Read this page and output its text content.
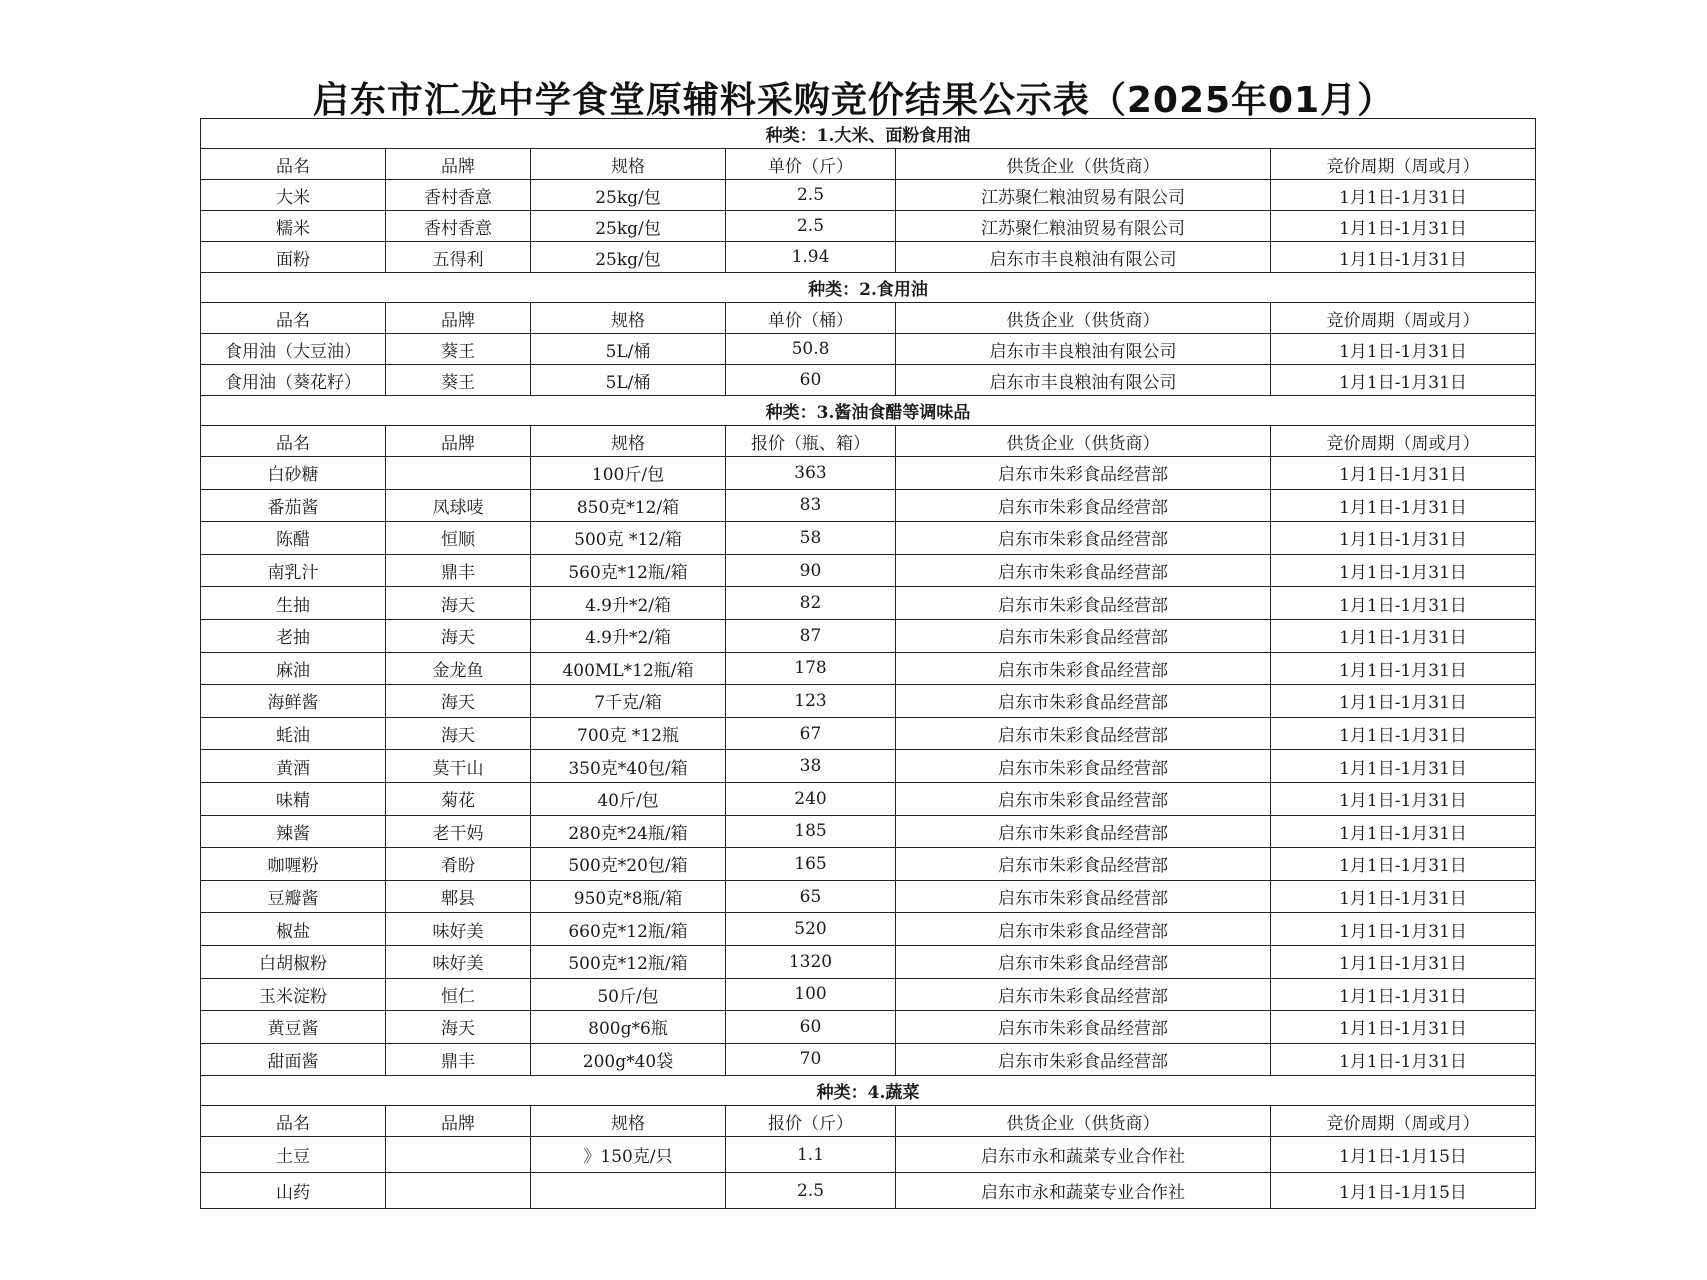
启东市汇龙中学食堂原辅料采购竞价结果公示表（2025年01月）
种类：1.大米、面粉食用油					
品名	品牌	规格	单价（斤）	供货企业（供货商）	竞价周期（周或月）
大米	香村香意	25kg/包	2.5	江苏聚仁粮油贸易有限公司	1月1日-1月31日
糯米	香村香意	25kg/包	2.5	江苏聚仁粮油贸易有限公司	1月1日-1月31日
面粉	五得利	25kg/包	1.94	启东市丰良粮油有限公司	1月1日-1月31日
种类：2.食用油					
品名	品牌	规格	单价（桶）	供货企业（供货商）	竞价周期（周或月）
食用油（大豆油）	葵王	5L/桶	50.8	启东市丰良粮油有限公司	1月1日-1月31日
食用油（葵花籽）	葵王	5L/桶	60	启东市丰良粮油有限公司	1月1日-1月31日
种类：3.酱油食醋等调味品					
品名	品牌	规格	报价（瓶、箱）	供货企业（供货商）	竞价周期（周或月）
白砂糖		100斤/包	363	启东市朱彩食品经营部	1月1日-1月31日
番茄酱	凤球唛	850克*12/箱	83	启东市朱彩食品经营部	1月1日-1月31日
陈醋	恒顺	500克 *12/箱	58	启东市朱彩食品经营部	1月1日-1月31日
南乳汁	鼎丰	560克*12瓶/箱	90	启东市朱彩食品经营部	1月1日-1月31日
生抽	海天	4.9升*2/箱	82	启东市朱彩食品经营部	1月1日-1月31日
老抽	海天	4.9升*2/箱	87	启东市朱彩食品经营部	1月1日-1月31日
麻油	金龙鱼	400ML*12瓶/箱	178	启东市朱彩食品经营部	1月1日-1月31日
海鲜酱	海天	7千克/箱	123	启东市朱彩食品经营部	1月1日-1月31日
蚝油	海天	700克 *12瓶	67	启东市朱彩食品经营部	1月1日-1月31日
黄酒	莫干山	350克*40包/箱	38	启东市朱彩食品经营部	1月1日-1月31日
味精	菊花	40斤/包	240	启东市朱彩食品经营部	1月1日-1月31日
辣酱	老干妈	280克*24瓶/箱	185	启东市朱彩食品经营部	1月1日-1月31日
咖喱粉	肴盼	500克*20包/箱	165	启东市朱彩食品经营部	1月1日-1月31日
豆瓣酱	郫县	950克*8瓶/箱	65	启东市朱彩食品经营部	1月1日-1月31日
椒盐	味好美	660克*12瓶/箱	520	启东市朱彩食品经营部	1月1日-1月31日
白胡椒粉	味好美	500克*12瓶/箱	1320	启东市朱彩食品经营部	1月1日-1月31日
玉米淀粉	恒仁	50斤/包	100	启东市朱彩食品经营部	1月1日-1月31日
黄豆酱	海天	800g*6瓶	60	启东市朱彩食品经营部	1月1日-1月31日
甜面酱	鼎丰	200g*40袋	70	启东市朱彩食品经营部	1月1日-1月31日
种类：4.蔬菜					
品名	品牌	规格	报价（斤）	供货企业（供货商）	竞价周期（周或月）
土豆		》150克/只	1.1	启东市永和蔬菜专业合作社	1月1日-1月15日
山药			2.5	启东市永和蔬菜专业合作社	1月1日-1月15日
